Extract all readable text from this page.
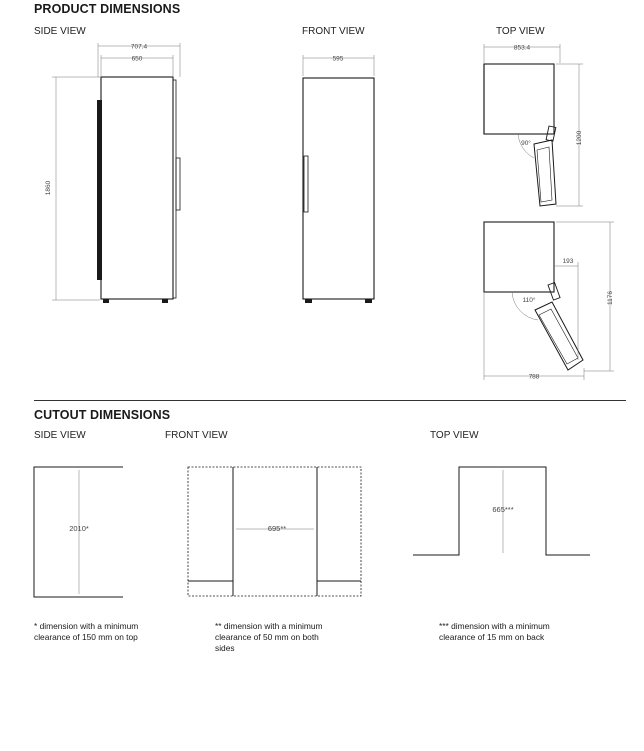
PRODUCT DIMENSIONS
SIDE VIEW	FRONT VIEW	TOP VIEW
CUTOUT DIMENSIONS
SIDE VIEW	FRONT VIEW	TOP VIEW
* dimension with a minimum clearance of 150 mm on top
** dimension with a minimum clearance of 50 mm on both sides
*** dimension with a minimum clearance of 15 mm on back
707.4
650
1860
595
853.4
1200
90°
193
1176
110°
788
2010*	695**
665***
